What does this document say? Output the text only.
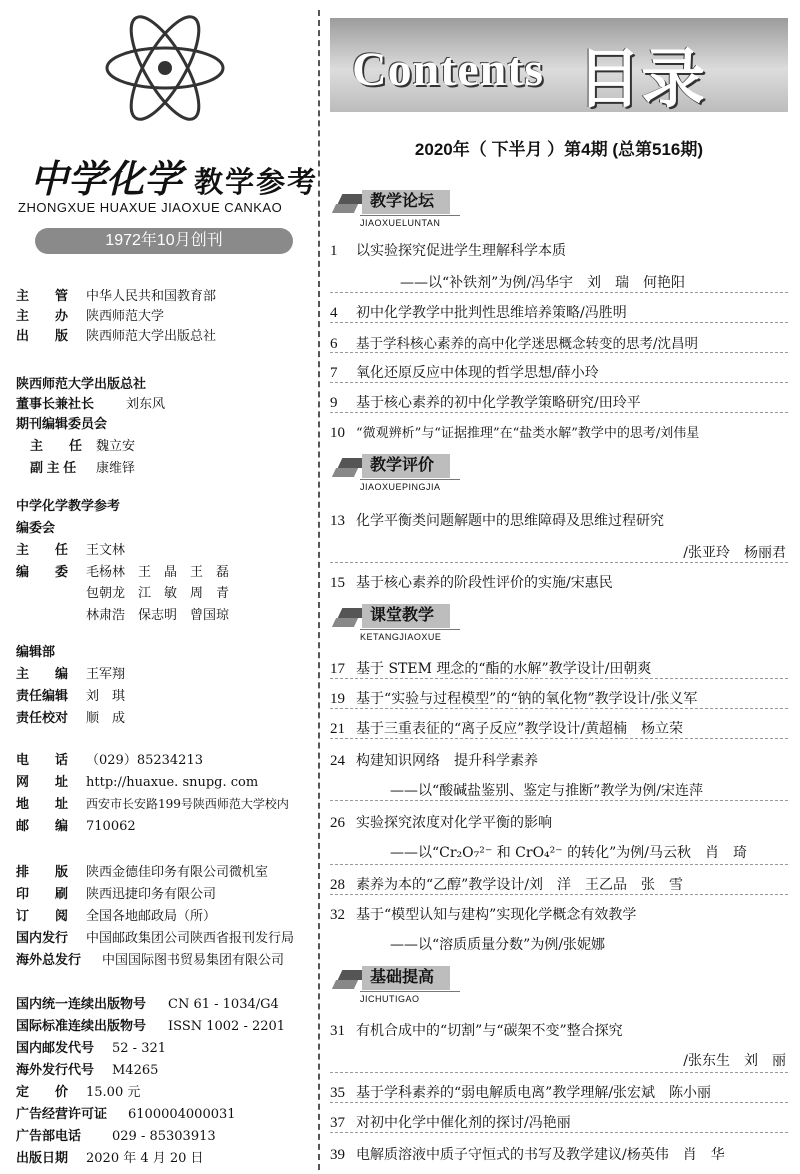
中学化学 教学参考
ZHONGXUE HUAXUE JIAOXUE CANKAO
1972年10月创刊
主　　管 中华人民共和国教育部
主　　办 陕西师范大学
出　　版 陕西师范大学出版总社
陕西师范大学出版总社
董事长兼社长 刘东风
期刊编辑委员会
主　　任 魏立安
副 主 任 康维铎
中学化学教学参考
编委会
主　　任 王文林
编　　委 毛杨林　王　晶　王　磊
包朝龙　江　敏　周　青
林肃浩　保志明　曾国琼
编辑部
主　　编 王军翔
责任编辑 刘　琪
责任校对 顺　成
电　　话 （029）85234213
网　　址 http://huaxue. snupg. com
地　　址 西安市长安路199号陕西师范大学校内
邮　　编 710062
排　　版 陕西金德佳印务有限公司微机室
印　　刷 陕西迅捷印务有限公司
订　　阅 全国各地邮政局（所）
国内发行 中国邮政集团公司陕西省报刊发行局
海外总发行 中国国际图书贸易集团有限公司
国内统一连续出版物号 CN 61 - 1034/G4
国际标准连续出版物号 ISSN 1002 - 2201
国内邮发代号 52 - 321
海外发行代号 M4265
定　　价 15.00 元
广告经营许可证 6100004000031
广告部电话 029 - 85303913
出版日期 2020 年 4 月 20 日
Contents 目录
2020年（ 下半月 ）第4期 (总第516期)
教学论坛
JIAOXUELUNTAN
1 以实验探究促进学生理解科学本质
——以“补铁剂”为例/冯华宇　刘　瑞　何艳阳
4 初中化学教学中批判性思维培养策略/冯胜明
6 基于学科核心素养的高中化学迷思概念转变的思考/沈昌明
7 氧化还原反应中体现的哲学思想/薛小玲
9 基于核心素养的初中化学教学策略研究/田玲平
10 “微观辨析”与“证据推理”在“盐类水解”教学中的思考/刘伟星
教学评价
JIAOXUEPINGJIA
13 化学平衡类问题解题中的思维障碍及思维过程研究
/张亚玲　杨丽君
15 基于核心素养的阶段性评价的实施/宋惠民
课堂教学
KETANGJIAOXUE
17 基于 STEM 理念的“酯的水解”教学设计/田朝爽
19 基于“实验与过程模型”的“钠的氧化物”教学设计/张义军
21 基于三重表征的“离子反应”教学设计/黄超楠　杨立荣
24 构建知识网络　提升科学素养
——以“酸碱盐鉴别、鉴定与推断”教学为例/宋连萍
26 实验探究浓度对化学平衡的影响
——以“Cr₂O₇²⁻ 和 CrO₄²⁻ 的转化”为例/马云秋　肖　琦
28 素养为本的“乙醇”教学设计/刘　洋　王乙品　张　雪
32 基于“模型认知与建构”实现化学概念有效教学
——以“溶质质量分数”为例/张妮娜
基础提高
JICHUTIGAO
31 有机合成中的“切割”与“碳架不变”整合探究
/张东生　刘　丽
35 基于学科素养的“弱电解质电离”教学理解/张宏斌　陈小丽
37 对初中化学中催化剂的探讨/冯艳丽
39 电解质溶液中质子守恒式的书写及教学建议/杨英伟　肖　华
